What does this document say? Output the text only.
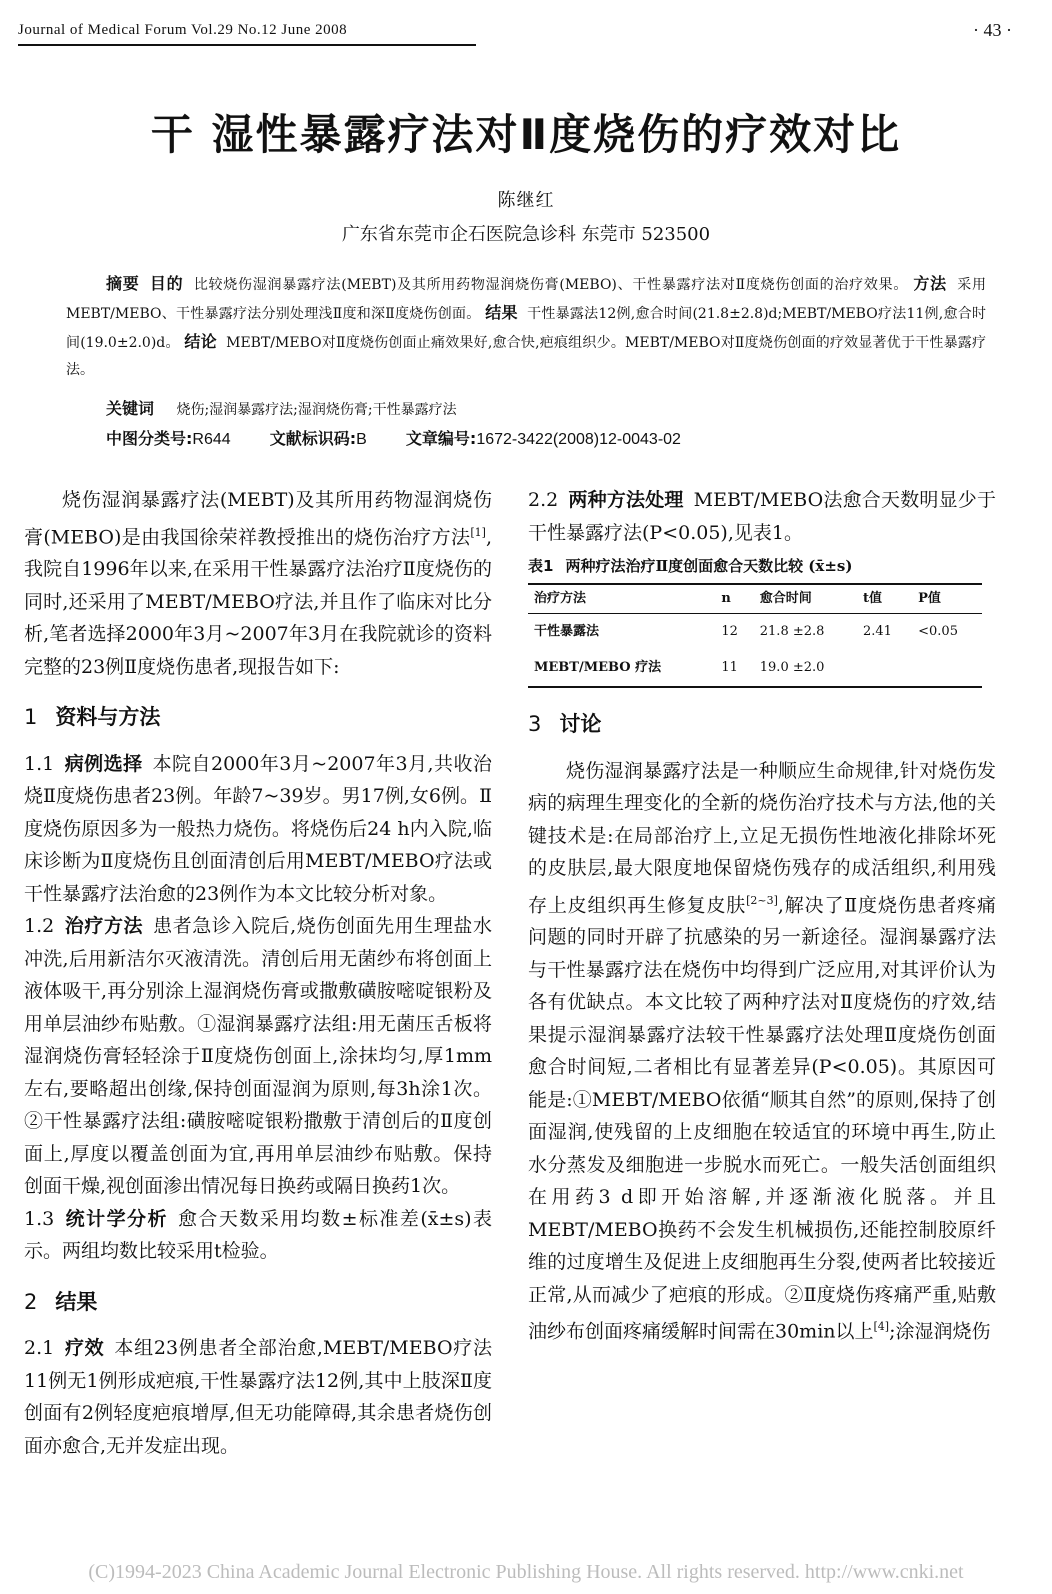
Journal of Medical Forum Vol.29 No.12 June 2008	· 43 ·
干 湿性暴露疗法对Ⅱ度烧伤的疗效对比
陈继红
广东省东莞市企石医院急诊科 东莞市 523500
摘要 目的 比较烧伤湿润暴露疗法(MEBT)及其所用药物湿润烧伤膏(MEBO)、干性暴露疗法对Ⅱ度烧伤创面的治疗效果。 方法 采用MEBT/MEBO、干性暴露疗法分别处理浅Ⅱ度和深Ⅱ度烧伤创面。 结果 干性暴露法12例,愈合时间(21.8±2.8)d;MEBT/MEBO疗法11例,愈合时间(19.0±2.0)d。 结论 MEBT/MEBO对Ⅱ度烧伤创面止痛效果好,愈合快,疤痕组织少。MEBT/MEBO对Ⅱ度烧伤创面的疗效显著优于干性暴露疗法。
关键词 烧伤;湿润暴露疗法;湿润烧伤膏;干性暴露疗法
中图分类号:R644 文献标识码:B 文章编号:1672-3422(2008)12-0043-02

烧伤湿润暴露疗法(MEBT)及其所用药物湿润烧伤膏(MEBO)是由我国徐荣祥教授推出的烧伤治疗方法[1],我院自1996年以来,在采用干性暴露疗法治疗Ⅱ度烧伤的同时,还采用了MEBT/MEBO疗法,并且作了临床对比分析,笔者选择2000年3月~2007年3月在我院就诊的资料完整的23例Ⅱ度烧伤患者,现报告如下:

1 资料与方法

1.1 病例选择 本院自2000年3月~2007年3月,共收治烧Ⅱ度烧伤患者23例。年龄7~39岁。男17例,女6例。Ⅱ度烧伤原因多为一般热力烧伤。将烧伤后24 h内入院,临床诊断为Ⅱ度烧伤且创面清创后用MEBT/MEBO疗法或干性暴露疗法治愈的23例作为本文比较分析对象。

1.2 治疗方法 患者急诊入院后,烧伤创面先用生理盐水冲洗,后用新洁尔灭液清洗。清创后用无菌纱布将创面上液体吸干,再分别涂上湿润烧伤膏或撒敷磺胺嘧啶银粉及用单层油纱布贴敷。①湿润暴露疗法组:用无菌压舌板将湿润烧伤膏轻轻涂于Ⅱ度烧伤创面上,涂抹均匀,厚1mm左右,要略超出创缘,保持创面湿润为原则,每3h涂1次。②干性暴露疗法组:磺胺嘧啶银粉撒敷于清创后的Ⅱ度创面上,厚度以覆盖创面为宜,再用单层油纱布贴敷。保持创面干燥,视创面渗出情况每日换药或隔日换药1次。

1.3 统计学分析 愈合天数采用均数±标准差(x̄±s)表示。两组均数比较采用t检验。

2 结果

2.1 疗效 本组23例患者全部治愈,MEBT/MEBO疗法11例无1例形成疤痕,干性暴露疗法12例,其中上肢深Ⅱ度创面有2例轻度疤痕增厚,但无功能障碍,其余患者烧伤创面亦愈合,无并发症出现。

2.2 两种方法处理 MEBT/MEBO法愈合天数明显少于干性暴露疗法(P<0.05),见表1。

表1 两种疗法治疗Ⅱ度创面愈合天数比较 (x̄±s)
治疗方法	n	愈合时间	t值	P值
干性暴露法	12	21.8 ±2.8	2.41	<0.05
MEBT/MEBO 疗法	11	19.0 ±2.0		
3 讨论

烧伤湿润暴露疗法是一种顺应生命规律,针对烧伤发病的病理生理变化的全新的烧伤治疗技术与方法,他的关键技术是:在局部治疗上,立足无损伤性地液化排除坏死的皮肤层,最大限度地保留烧伤残存的成活组织,利用残存上皮组织再生修复皮肤[2~3],解决了Ⅱ度烧伤患者疼痛问题的同时开辟了抗感染的另一新途径。湿润暴露疗法与干性暴露疗法在烧伤中均得到广泛应用,对其评价认为各有优缺点。本文比较了两种疗法对Ⅱ度烧伤的疗效,结果提示湿润暴露疗法较干性暴露疗法处理Ⅱ度烧伤创面愈合时间短,二者相比有显著差异(P<0.05)。其原因可能是:①MEBT/MEBO依循“顺其自然”的原则,保持了创面湿润,使残留的上皮细胞在较适宜的环境中再生,防止水分蒸发及细胞进一步脱水而死亡。一般失活创面组织在用药3 d即开始溶解,并逐渐液化脱落。并且MEBT/MEBO换药不会发生机械损伤,还能控制胶原纤维的过度增生及促进上皮细胞再生分裂,使两者比较接近正常,从而减少了疤痕的形成。②Ⅱ度烧伤疼痛严重,贴敷油纱布创面疼痛缓解时间需在30min以上[4];涂湿润烧伤

(C)1994-2023 China Academic Journal Electronic Publishing House. All rights reserved. http://www.cnki.net
